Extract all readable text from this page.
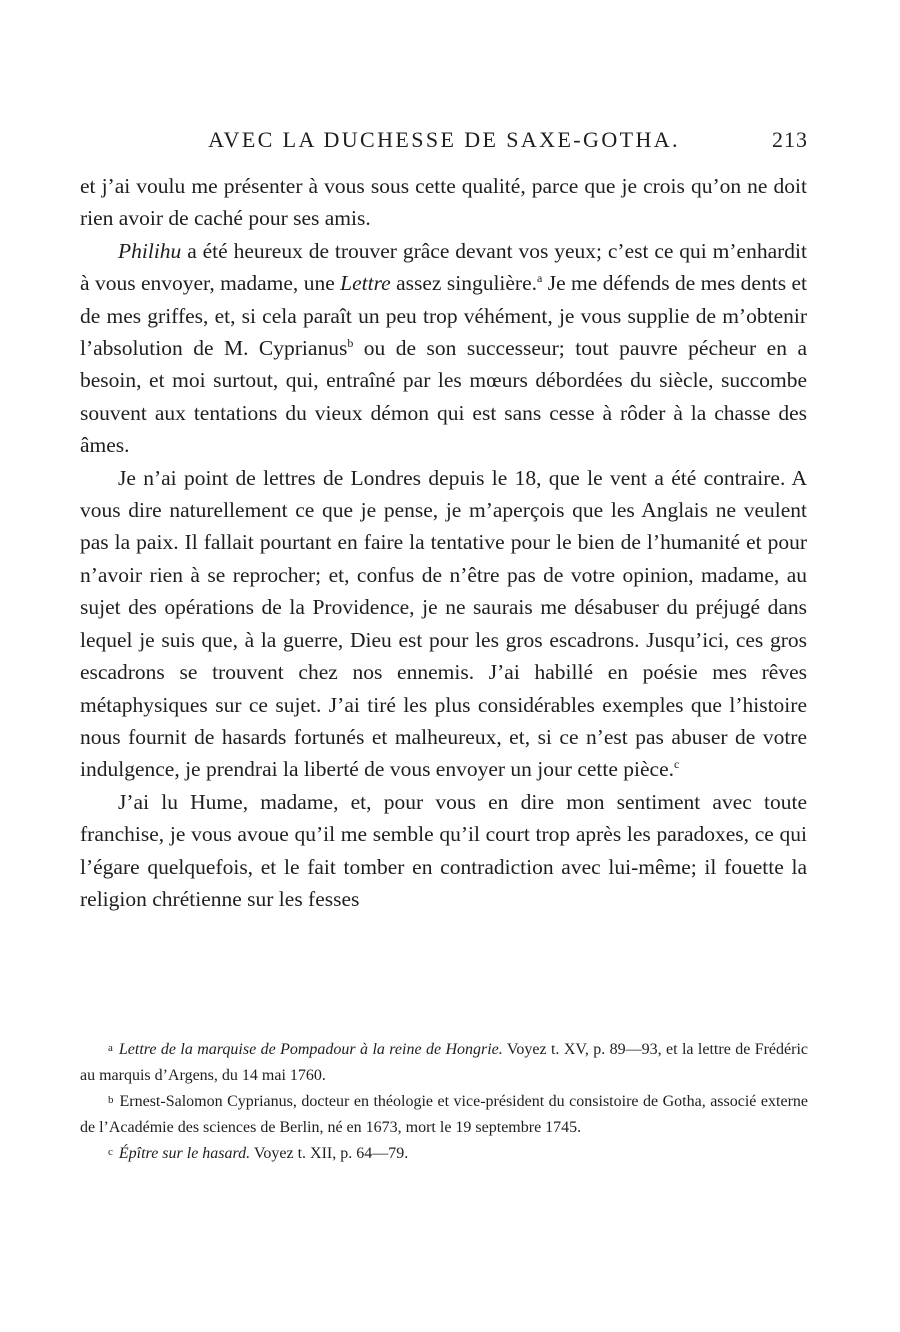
AVEC LA DUCHESSE DE SAXE-GOTHA.	213

et j’ai voulu me présenter à vous sous cette qualité, parce que je crois qu’on ne doit rien avoir de caché pour ses amis.

Philihu a été heureux de trouver grâce devant vos yeux; c’est ce qui m’enhardit à vous envoyer, madame, une Lettre assez singulière.$^a$ Je me défends de mes dents et de mes griffes, et, si cela paraît un peu trop véhément, je vous supplie de m’obtenir l’absolution de M. Cyprianus$^b$ ou de son successeur; tout pauvre pécheur en a besoin, et moi surtout, qui, entraîné par les mœurs débordées du siècle, succombe souvent aux tentations du vieux démon qui est sans cesse à rôder à la chasse des âmes.

Je n’ai point de lettres de Londres depuis le 18, que le vent a été contraire. A vous dire naturellement ce que je pense, je m’aperçois que les Anglais ne veulent pas la paix. Il fallait pourtant en faire la tentative pour le bien de l’humanité et pour n’avoir rien à se reprocher; et, confus de n’être pas de votre opinion, madame, au sujet des opérations de la Providence, je ne saurais me désabuser du préjugé dans lequel je suis que, à la guerre, Dieu est pour les gros escadrons. Jusqu’ici, ces gros escadrons se trouvent chez nos ennemis. J’ai habillé en poésie mes rêves métaphysiques sur ce sujet. J’ai tiré les plus considérables exemples que l’histoire nous fournit de hasards fortunés et malheureux, et, si ce n’est pas abuser de votre indulgence, je prendrai la liberté de vous envoyer un jour cette pièce.$^c$

J’ai lu Hume, madame, et, pour vous en dire mon sentiment avec toute franchise, je vous avoue qu’il me semble qu’il court trop après les paradoxes, ce qui l’égare quelquefois, et le fait tomber en contradiction avec lui-même; il fouette la religion chrétienne sur les fesses

a Lettre de la marquise de Pompadour à la reine de Hongrie. Voyez t. XV, p. 89—93, et la lettre de Frédéric au marquis d’Argens, du 14 mai 1760.

b Ernest-Salomon Cyprianus, docteur en théologie et vice-président du consistoire de Gotha, associé externe de l’Académie des sciences de Berlin, né en 1673, mort le 19 septembre 1745.

c Épître sur le hasard. Voyez t. XII, p. 64—79.
